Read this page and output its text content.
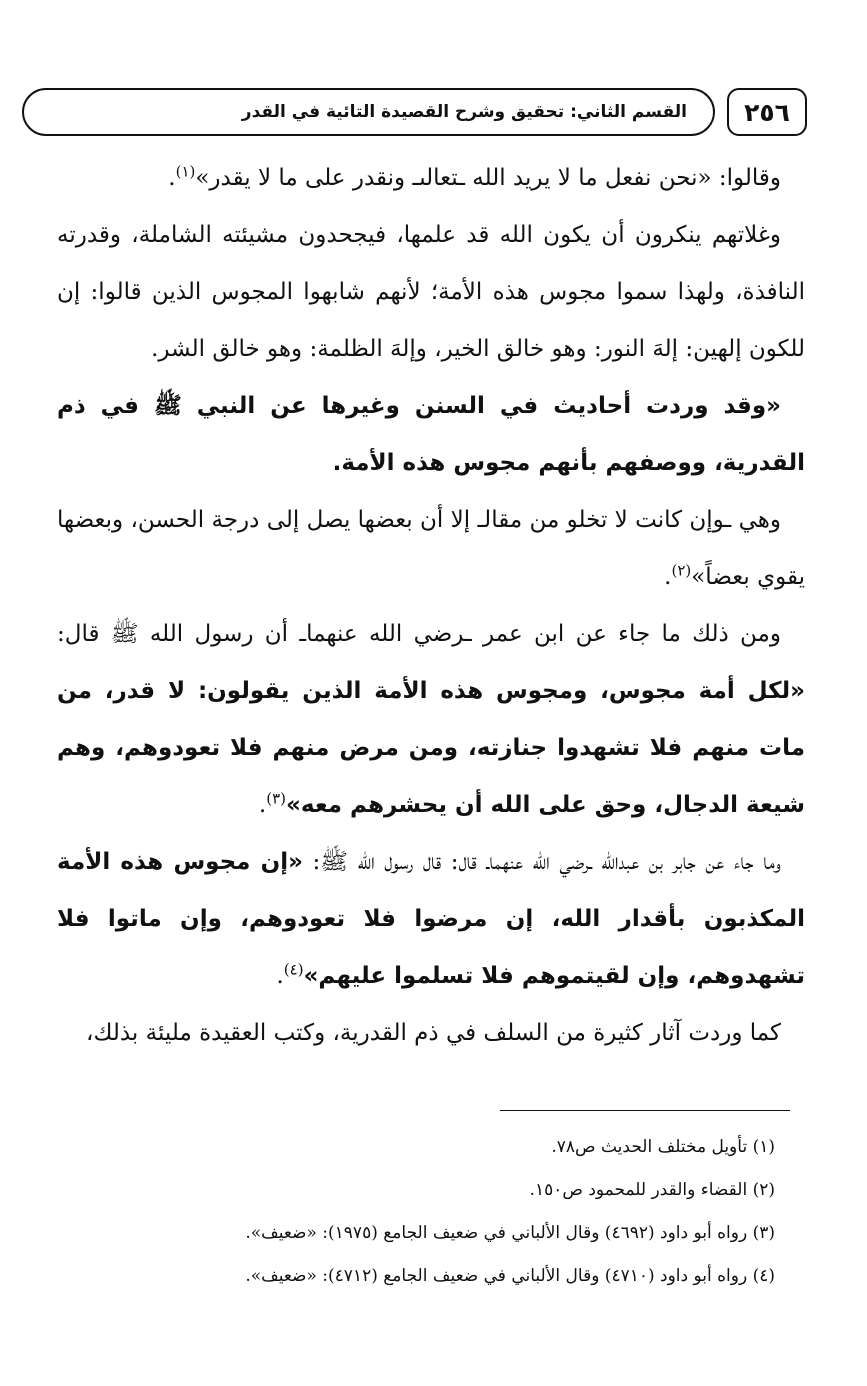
٢٥٦
القسم الثاني: تحقيق وشرح القصيدة التائية في القدر

وقالوا: «نحن نفعل ما لا يريد الله ـتعالىـ ونقدر على ما لا يقدر»$^{(١)}$.

وغلاتهم ينكرون أن يكون الله قد علمها، فيجحدون مشيئته الشاملة، وقدرته النافذة، ولهذا سموا مجوس هذه الأمة؛ لأنهم شابهوا المجوس الذين قالوا: إن للكون إلهين: إلهَ النور: وهو خالق الخير، وإلهَ الظلمة: وهو خالق الشر.

«وقد وردت أحاديث في السنن وغيرها عن النبي ﷺ في ذم القدرية، ووصفهم بأنهم مجوس هذه الأمة.

وهي ـوإن كانت لا تخلو من مقالـ إلا أن بعضها يصل إلى درجة الحسن، وبعضها يقوي بعضاً»$^{(٢)}$.

ومن ذلك ما جاء عن ابن عمر ـرضي الله عنهماـ أن رسول الله ﷺ قال: «لكل أمة مجوس، ومجوس هذه الأمة الذين يقولون: لا قدر، من مات منهم فلا تشهدوا جنازته، ومن مرض منهم فلا تعودوهم، وهم شيعة الدجال، وحق على الله أن يحشرهم معه»$^{(٣)}$.

وما جاء عن جابر بن عبدالله ـرضي الله عنهماـ قال: قال رسول الله ﷺ: «إن مجوس هذه الأمة المكذبون بأقدار الله، إن مرضوا فلا تعودوهم، وإن ماتوا فلا تشهدوهم، وإن لقيتموهم فلا تسلموا عليهم»$^{(٤)}$.

كما وردت آثار كثيرة من السلف في ذم القدرية، وكتب العقيدة مليئة بذلك،

(١) تأويل مختلف الحديث ص٧٨.

(٢) القضاء والقدر للمحمود ص١٥٠.

(٣) رواه أبو داود (٤٦٩٢) وقال الألباني في ضعيف الجامع (١٩٧٥): «ضعيف».

(٤) رواه أبو داود (٤٧١٠) وقال الألباني في ضعيف الجامع (٤٧١٢): «ضعيف».
